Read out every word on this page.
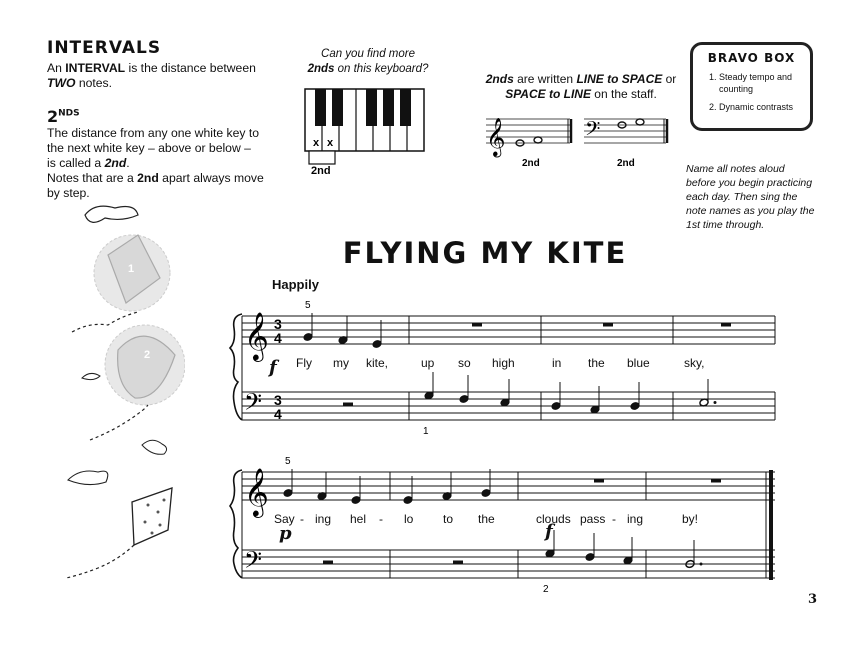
INTERVALS

An INTERVAL is the distance between TWO notes.

$2^{NDS}$
The distance from any one white key to
the next white key – above or below –
is called a 2nd.
Notes that are a 2nd apart always move
by step.
Can you find more
2nds on this keyboard?
x x
2nd
2nds are written LINE to SPACE or
SPACE to LINE on the staff.
𝄞	𝄢
2nd	2nd
BRAVO BOX
1. Steady tempo and counting
2. Dynamic contrasts
Name all notes aloud before you begin practicing each day. Then sing the note names as you play the 1st time through.
1
2
FLYING MY KITE
Happily
𝄞
𝄢
3
4
3
4
5
1
f Fly my kite,	up so high	in the blue	sky,
𝄞
𝄢
5
2
Say - ing hel - lo to the	clouds pass - ing	by!
p	f
3
